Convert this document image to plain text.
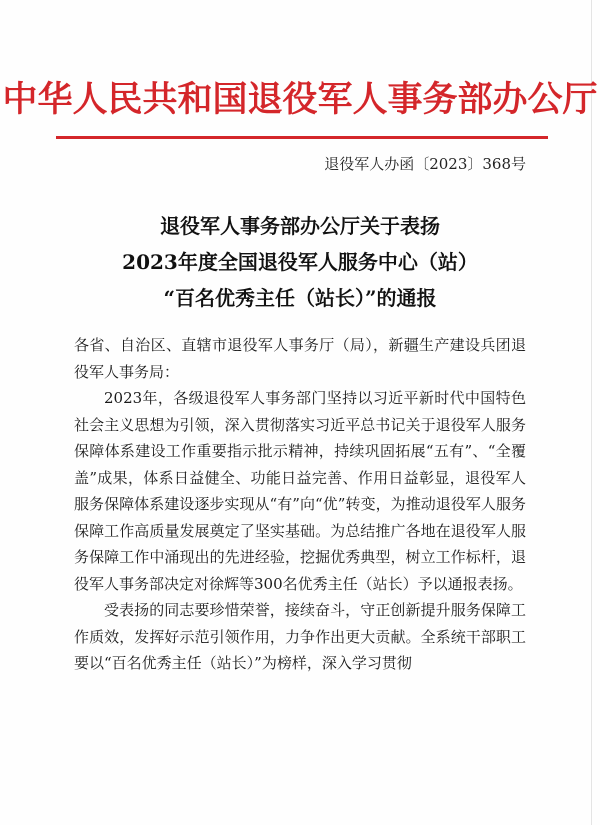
中华人民共和国退役军人事务部办公厅
退役军人办函〔2023〕368号
退役军人事务部办公厅关于表扬
2023年度全国退役军人服务中心（站）
“百名优秀主任（站长）”的通报

各省、自治区、直辖市退役军人事务厅（局），新疆生产建设兵团退役军人事务局：

2023年，各级退役军人事务部门坚持以习近平新时代中国特色社会主义思想为引领，深入贯彻落实习近平总书记关于退役军人服务保障体系建设工作重要指示批示精神，持续巩固拓展“五有”、“全覆盖”成果，体系日益健全、功能日益完善、作用日益彰显，退役军人服务保障体系建设逐步实现从“有”向“优”转变，为推动退役军人服务保障工作高质量发展奠定了坚实基础。为总结推广各地在退役军人服务保障工作中涌现出的先进经验，挖掘优秀典型，树立工作标杆，退役军人事务部决定对徐辉等300名优秀主任（站长）予以通报表扬。

受表扬的同志要珍惜荣誉，接续奋斗，守正创新提升服务保障工作质效，发挥好示范引领作用，力争作出更大贡献。全系统干部职工要以“百名优秀主任（站长）”为榜样，深入学习贯彻
